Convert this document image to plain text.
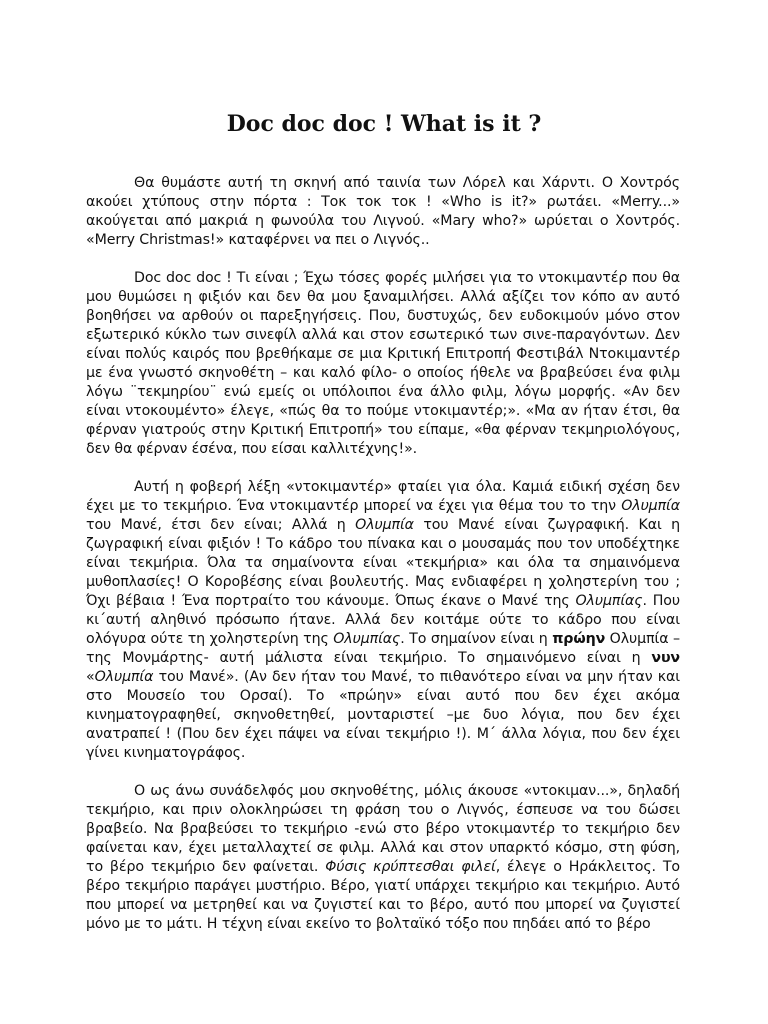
Doc doc doc ! What is it ?

Θα θυμάστε αυτή τη σκηνή από ταινία των Λόρελ και Χάρντι. Ο Χοντρός ακούει χτύπους στην πόρτα : Τοκ τοκ τοκ ! «Who is it?» ρωτάει. «Merry...» ακούγεται από μακριά η φωνούλα του Λιγνού. «Mary who?» ωρύεται ο Χοντρός. «Merry Christmas!» καταφέρνει να πει ο Λιγνός..

Doc doc doc ! Τι είναι ; Έχω τόσες φορές μιλήσει για το ντοκιμαντέρ που θα μου θυμώσει η φιξιόν και δεν θα μου ξαναμιλήσει. Αλλά αξίζει τον κόπο αν αυτό βοηθήσει να αρθούν οι παρεξηγήσεις. Που, δυστυχώς, δεν ευδοκιμούν μόνο στον εξωτερικό κύκλο των σινεφίλ αλλά και στον εσωτερικό των σινε-παραγόντων. Δεν είναι πολύς καιρός που βρεθήκαμε σε μια Κριτική Επιτροπή Φεστιβάλ Ντοκιμαντέρ με ένα γνωστό σκηνοθέτη – και καλό φίλο- ο οποίος ήθελε να βραβεύσει ένα φιλμ λόγω ¨τεκμηρίου¨ ενώ εμείς οι υπόλοιποι ένα άλλο φιλμ, λόγω μορφής. «Αν δεν είναι ντοκουμέντο» έλεγε, «πώς θα το πούμε ντοκιμαντέρ;». «Μα αν ήταν έτσι, θα φέρναν γιατρούς στην Κριτική Επιτροπή» του είπαμε, «θα φέρναν τεκμηριολόγους, δεν θα φέρναν έσένα, που είσαι καλλιτέχνης!».

Αυτή η φοβερή λέξη «ντοκιμαντέρ» φταίει για όλα. Καμιά ειδική σχέση δεν έχει με το τεκμήριο. Ένα ντοκιμαντέρ μπορεί να έχει για θέμα του το την Ολυμπία του Μανέ, έτσι δεν είναι; Αλλά η Ολυμπία του Μανέ είναι ζωγραφική. Και η ζωγραφική είναι φιξιόν ! Το κάδρο του πίνακα και ο μουσαμάς που τον υποδέχτηκε είναι τεκμήρια. Όλα τα σημαίνοντα είναι «τεκμήρια» και όλα τα σημαινόμενα μυθοπλασίες! Ο Κοροβέσης είναι βουλευτής. Μας ενδιαφέρει η χοληστερίνη του ; Όχι βέβαια ! Ένα πορτραίτο του κάνουμε. Όπως έκανε ο Μανέ της Ολυμπίας. Που κι΄αυτή αληθινό πρόσωπο ήτανε. Αλλά δεν κοιτάμε ούτε το κάδρο που είναι ολόγυρα ούτε τη χοληστερίνη της Ολυμπίας. Το σημαίνον είναι η πρώην Ολυμπία –της Μονμάρτης- αυτή μάλιστα είναι τεκμήριο. Το σημαινόμενο είναι η νυν «Ολυμπία του Μανέ». (Αν δεν ήταν του Μανέ, το πιθανότερο είναι να μην ήταν και στο Μουσείο του Ορσαί). Το «πρώην» είναι αυτό που δεν έχει ακόμα κινηματογραφηθεί, σκηνοθετηθεί, μονταριστεί –με δυο λόγια, που δεν έχει ανατραπεί ! (Που δεν έχει πάψει να είναι τεκμήριο !). Μ΄ άλλα λόγια, που δεν έχει γίνει κινηματογράφος.

Ο ως άνω συνάδελφός μου σκηνοθέτης, μόλις άκουσε «ντοκιμαν...», δηλαδή τεκμήριο, και πριν ολοκληρώσει τη φράση του ο Λιγνός, έσπευσε να του δώσει βραβείο. Να βραβεύσει το τεκμήριο -ενώ στο βέρο ντοκιμαντέρ το τεκμήριο δεν φαίνεται καν, έχει μεταλλαχτεί σε φιλμ. Αλλά και στον υπαρκτό κόσμο, στη φύση, το βέρο τεκμήριο δεν φαίνεται. Φύσις κρύπτεσθαι φιλεί, έλεγε ο Ηράκλειτος. Το βέρο τεκμήριο παράγει μυστήριο. Βέρο, γιατί υπάρχει τεκμήριο και τεκμήριο. Αυτό που μπορεί να μετρηθεί και να ζυγιστεί και το βέρο, αυτό που μπορεί να ζυγιστεί μόνο με το μάτι. Η τέχνη είναι εκείνο το βολταϊκό τόξο που πηδάει από το βέρο
